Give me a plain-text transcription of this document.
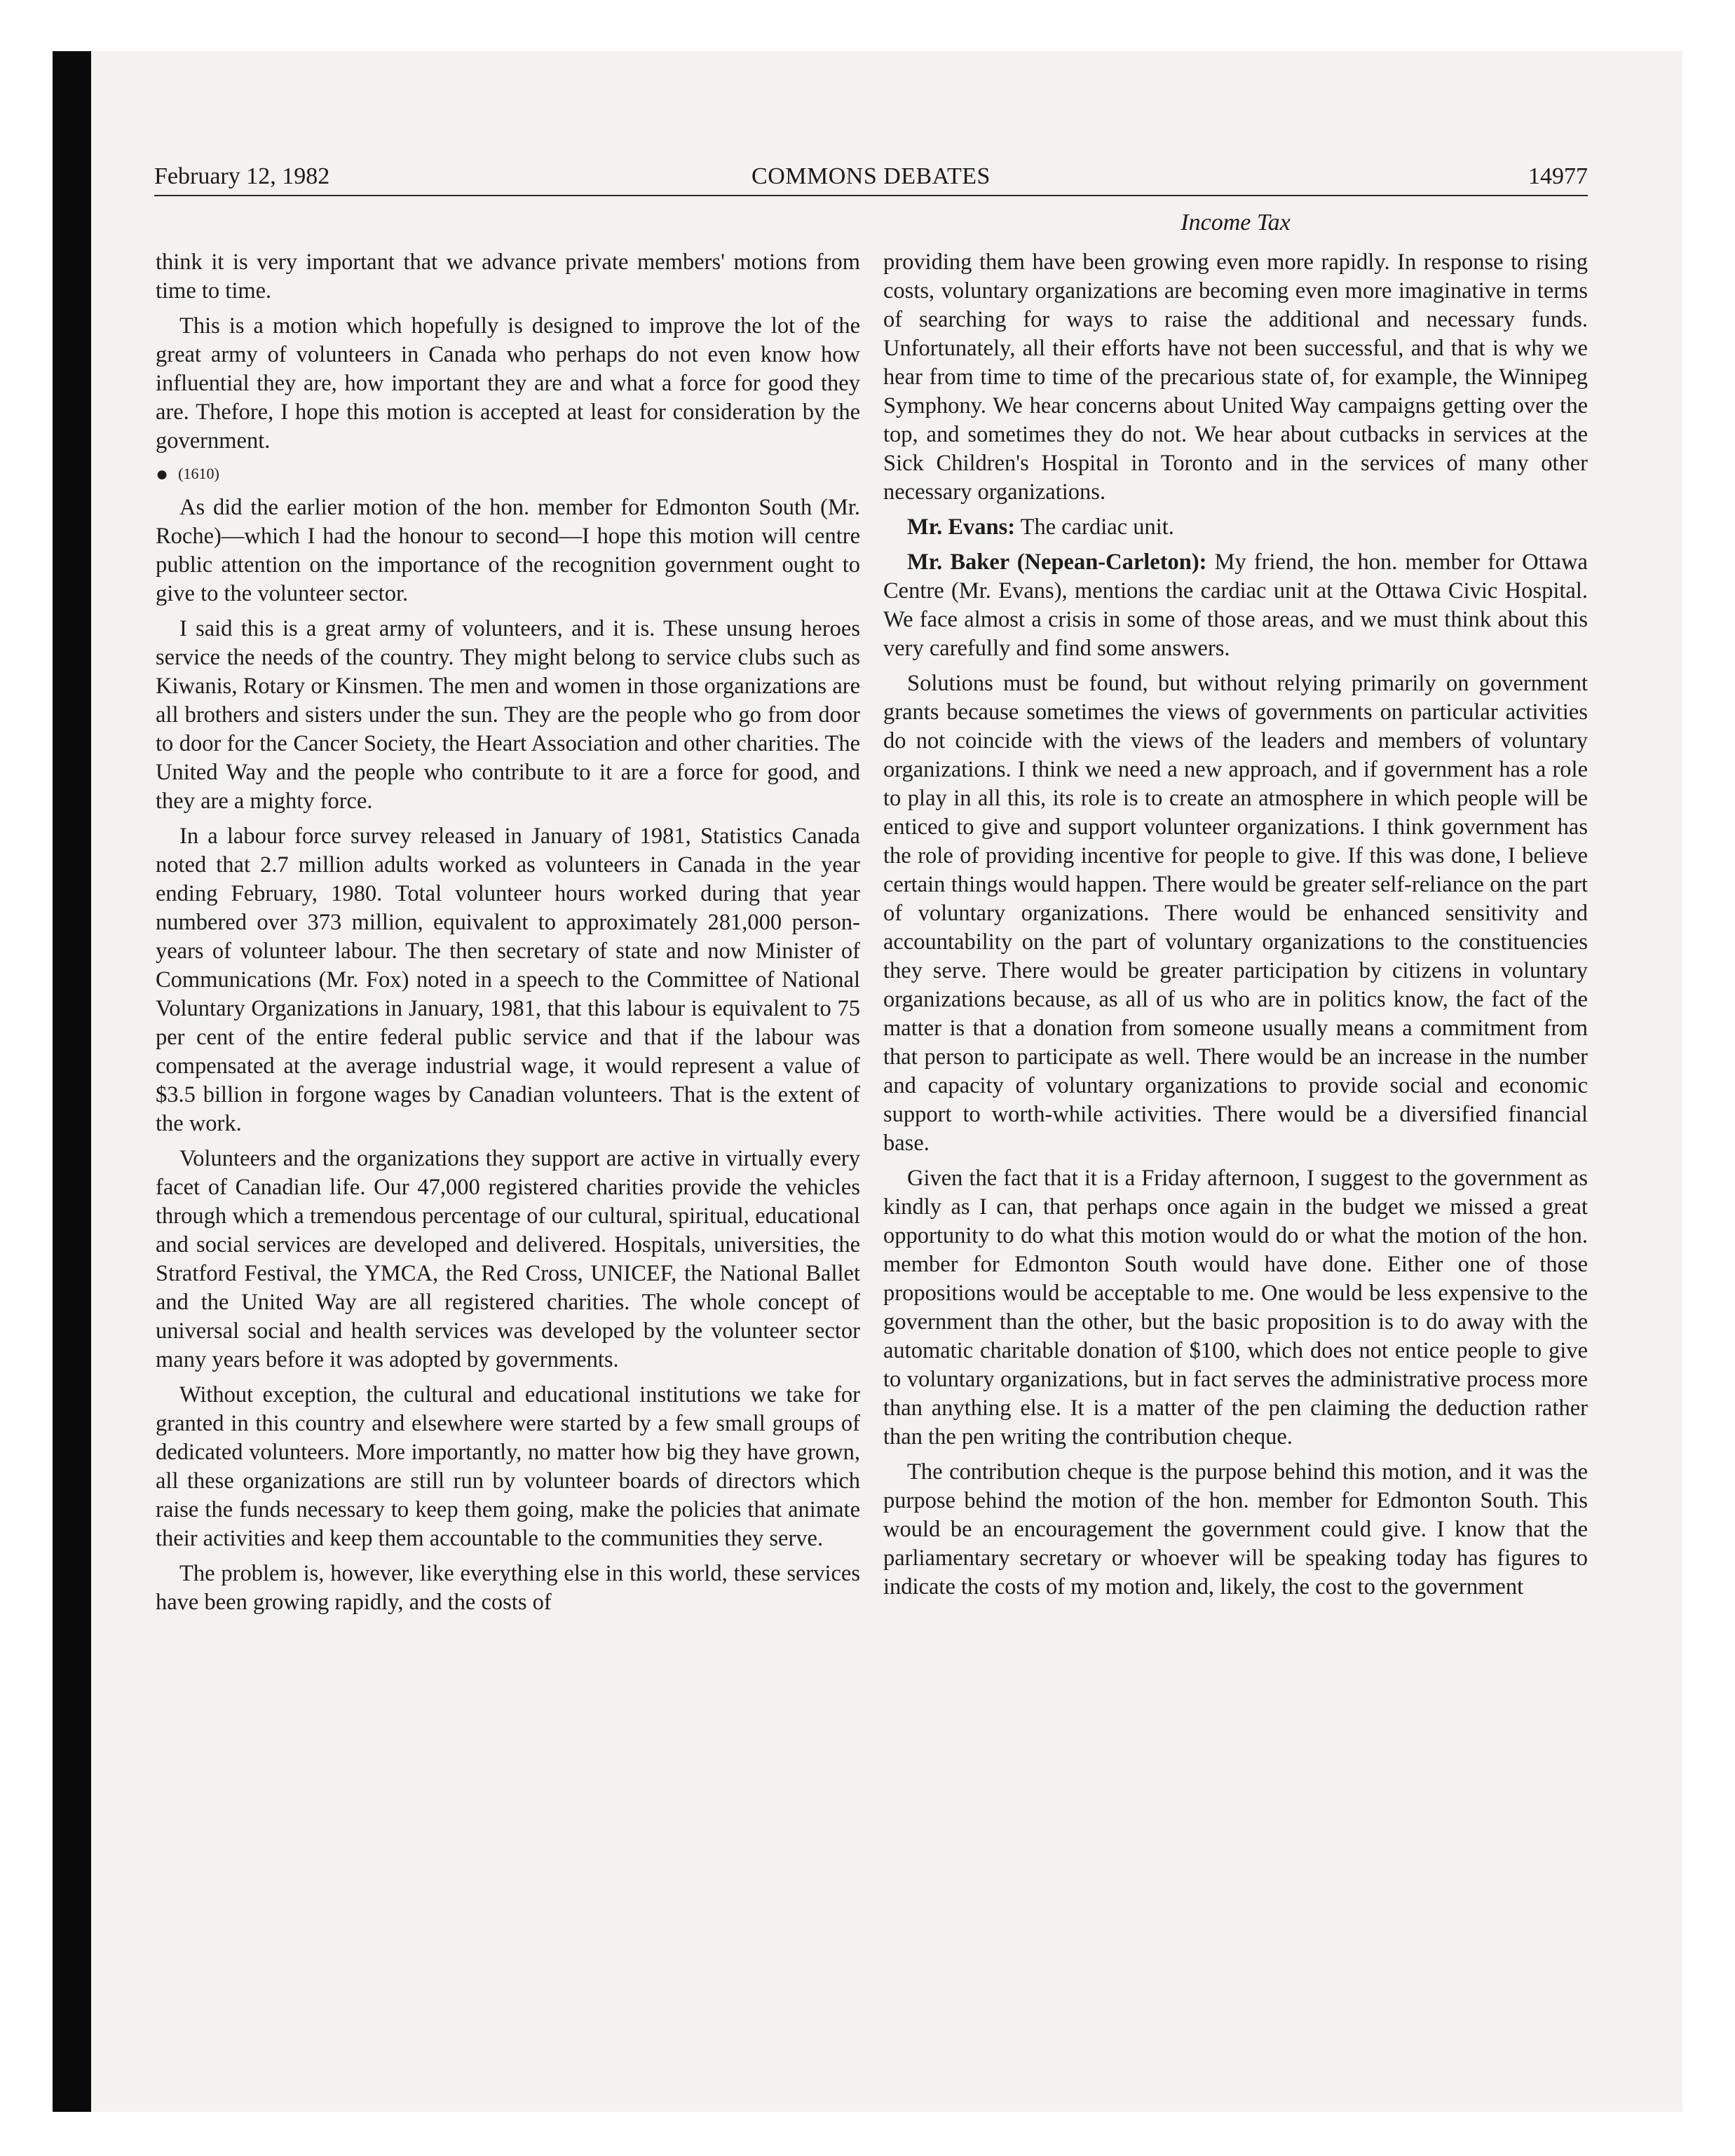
February 12, 1982	COMMONS DEBATES	14977
Income Tax

think it is very important that we advance private members' motions from time to time.

This is a motion which hopefully is designed to improve the lot of the great army of volunteers in Canada who perhaps do not even know how influential they are, how important they are and what a force for good they are. Thefore, I hope this motion is accepted at least for consideration by the government.

● (1610)

As did the earlier motion of the hon. member for Edmonton South (Mr. Roche)—which I had the honour to second—I hope this motion will centre public attention on the importance of the recognition government ought to give to the volunteer sector.

I said this is a great army of volunteers, and it is. These unsung heroes service the needs of the country. They might belong to service clubs such as Kiwanis, Rotary or Kinsmen. The men and women in those organizations are all brothers and sisters under the sun. They are the people who go from door to door for the Cancer Society, the Heart Association and other charities. The United Way and the people who contribute to it are a force for good, and they are a mighty force.

In a labour force survey released in January of 1981, Statistics Canada noted that 2.7 million adults worked as volunteers in Canada in the year ending February, 1980. Total volunteer hours worked during that year numbered over 373 million, equivalent to approximately 281,000 person-years of volunteer labour. The then secretary of state and now Minister of Communications (Mr. Fox) noted in a speech to the Committee of National Voluntary Organizations in January, 1981, that this labour is equivalent to 75 per cent of the entire federal public service and that if the labour was compensated at the average industrial wage, it would represent a value of $3.5 billion in forgone wages by Canadian volunteers. That is the extent of the work.

Volunteers and the organizations they support are active in virtually every facet of Canadian life. Our 47,000 registered charities provide the vehicles through which a tremendous percentage of our cultural, spiritual, educational and social services are developed and delivered. Hospitals, universities, the Stratford Festival, the YMCA, the Red Cross, UNICEF, the National Ballet and the United Way are all registered charities. The whole concept of universal social and health services was developed by the volunteer sector many years before it was adopted by governments.

Without exception, the cultural and educational institutions we take for granted in this country and elsewhere were started by a few small groups of dedicated volunteers. More importantly, no matter how big they have grown, all these organizations are still run by volunteer boards of directors which raise the funds necessary to keep them going, make the policies that animate their activities and keep them accountable to the communities they serve.

The problem is, however, like everything else in this world, these services have been growing rapidly, and the costs of

providing them have been growing even more rapidly. In response to rising costs, voluntary organizations are becoming even more imaginative in terms of searching for ways to raise the additional and necessary funds. Unfortunately, all their efforts have not been successful, and that is why we hear from time to time of the precarious state of, for example, the Winnipeg Symphony. We hear concerns about United Way campaigns getting over the top, and sometimes they do not. We hear about cutbacks in services at the Sick Children's Hospital in Toronto and in the services of many other necessary organizations.

Mr. Evans: The cardiac unit.

Mr. Baker (Nepean-Carleton): My friend, the hon. member for Ottawa Centre (Mr. Evans), mentions the cardiac unit at the Ottawa Civic Hospital. We face almost a crisis in some of those areas, and we must think about this very carefully and find some answers.

Solutions must be found, but without relying primarily on government grants because sometimes the views of governments on particular activities do not coincide with the views of the leaders and members of voluntary organizations. I think we need a new approach, and if government has a role to play in all this, its role is to create an atmosphere in which people will be enticed to give and support volunteer organizations. I think government has the role of providing incentive for people to give. If this was done, I believe certain things would happen. There would be greater self-reliance on the part of voluntary organizations. There would be enhanced sensitivity and accountability on the part of voluntary organizations to the constituencies they serve. There would be greater participation by citizens in voluntary organizations because, as all of us who are in politics know, the fact of the matter is that a donation from someone usually means a commitment from that person to participate as well. There would be an increase in the number and capacity of voluntary organizations to provide social and economic support to worth-while activities. There would be a diversified financial base.

Given the fact that it is a Friday afternoon, I suggest to the government as kindly as I can, that perhaps once again in the budget we missed a great opportunity to do what this motion would do or what the motion of the hon. member for Edmonton South would have done. Either one of those propositions would be acceptable to me. One would be less expensive to the government than the other, but the basic proposition is to do away with the automatic charitable donation of $100, which does not entice people to give to voluntary organizations, but in fact serves the administrative process more than anything else. It is a matter of the pen claiming the deduction rather than the pen writing the contribution cheque.

The contribution cheque is the purpose behind this motion, and it was the purpose behind the motion of the hon. member for Edmonton South. This would be an encouragement the government could give. I know that the parliamentary secretary or whoever will be speaking today has figures to indicate the costs of my motion and, likely, the cost to the government
